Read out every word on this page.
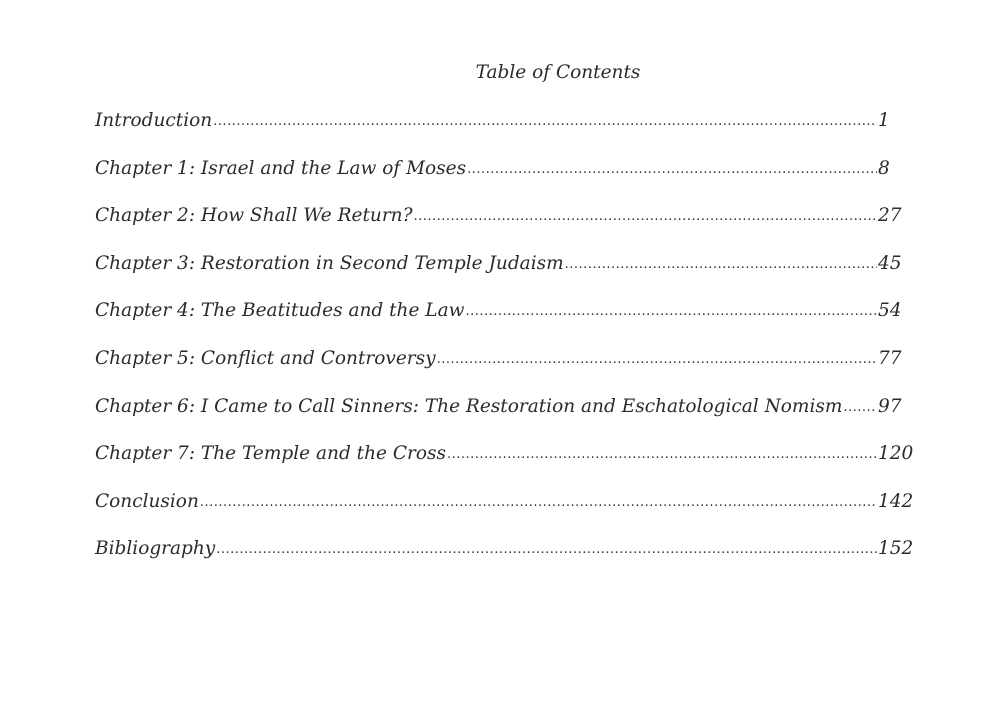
Table of Contents
Introduction .....	1
Chapter 1: Israel and the Law of Moses .....	8
Chapter 2: How Shall We Return? .....	27
Chapter 3: Restoration in Second Temple Judaism .....	45
Chapter 4: The Beatitudes and the Law .....	54
Chapter 5: Conflict and Controversy .....	77
Chapter 6: I Came to Call Sinners: The Restoration and Eschatological Nomism ..... 97
Chapter 7: The Temple and the Cross .....	120
Conclusion .....	142
Bibliography .....	152
